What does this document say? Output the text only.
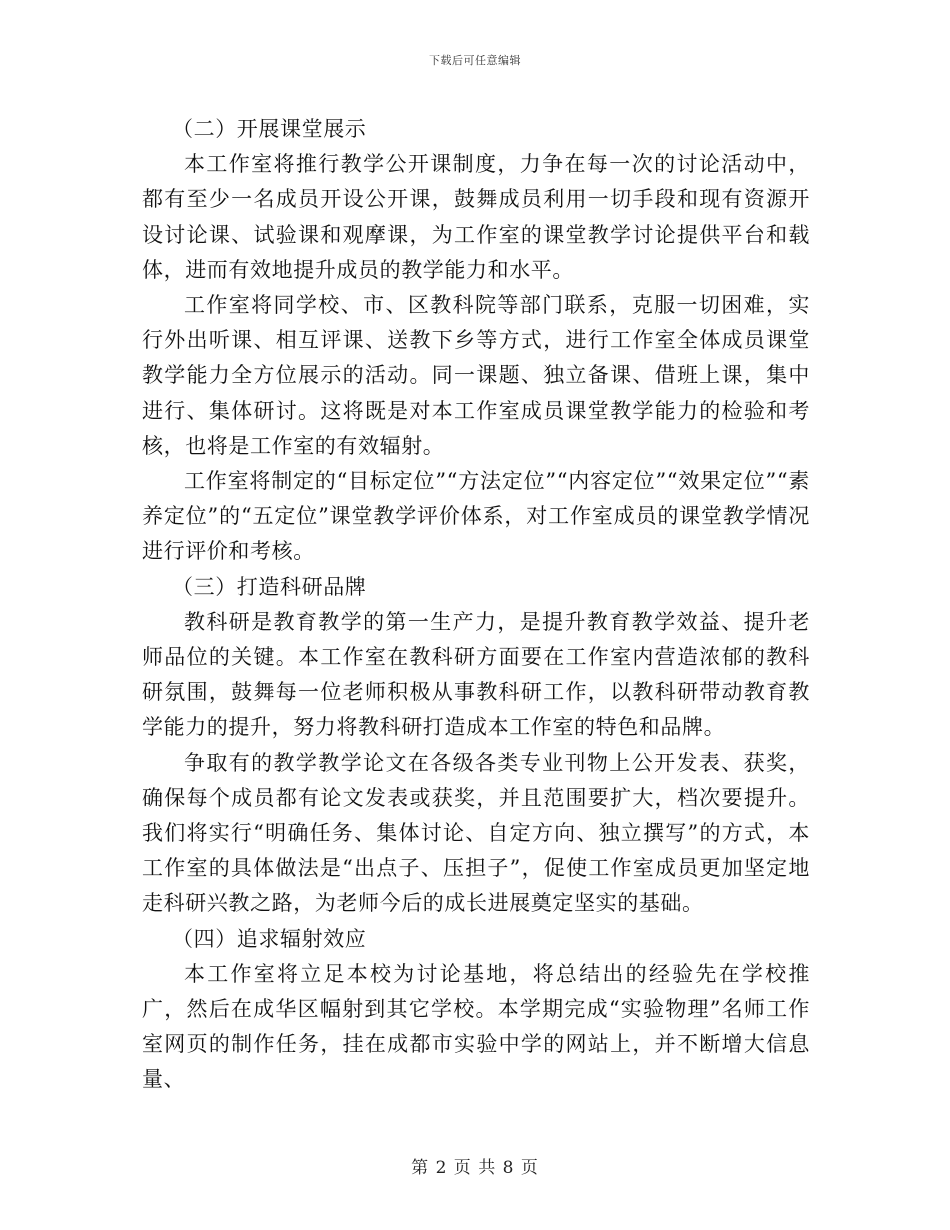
下载后可任意编辑

（二）开展课堂展示

本工作室将推行教学公开课制度，力争在每一次的讨论活动中，都有至少一名成员开设公开课，鼓舞成员利用一切手段和现有资源开设讨论课、试验课和观摩课，为工作室的课堂教学讨论提供平台和载体，进而有效地提升成员的教学能力和水平。

工作室将同学校、市、区教科院等部门联系，克服一切困难，实行外出听课、相互评课、送教下乡等方式，进行工作室全体成员课堂教学能力全方位展示的活动。同一课题、独立备课、借班上课，集中进行、集体研讨。这将既是对本工作室成员课堂教学能力的检验和考核，也将是工作室的有效辐射。

工作室将制定的“目标定位”“方法定位”“内容定位”“效果定位”“素养定位”的“五定位”课堂教学评价体系，对工作室成员的课堂教学情况进行评价和考核。

（三）打造科研品牌

教科研是教育教学的第一生产力，是提升教育教学效益、提升老师品位的关键。本工作室在教科研方面要在工作室内营造浓郁的教科研氛围，鼓舞每一位老师积极从事教科研工作，以教科研带动教育教学能力的提升，努力将教科研打造成本工作室的特色和品牌。

争取有的教学教学论文在各级各类专业刊物上公开发表、获奖，确保每个成员都有论文发表或获奖，并且范围要扩大，档次要提升。我们将实行“明确任务、集体讨论、自定方向、独立撰写”的方式，本工作室的具体做法是“出点子、压担子”，促使工作室成员更加坚定地走科研兴教之路，为老师今后的成长进展奠定坚实的基础。

（四）追求辐射效应

本工作室将立足本校为讨论基地，将总结出的经验先在学校推广，然后在成华区幅射到其它学校。本学期完成“实验物理”名师工作室网页的制作任务，挂在成都市实验中学的网站上，并不断增大信息量、

第 2 页 共 8 页
